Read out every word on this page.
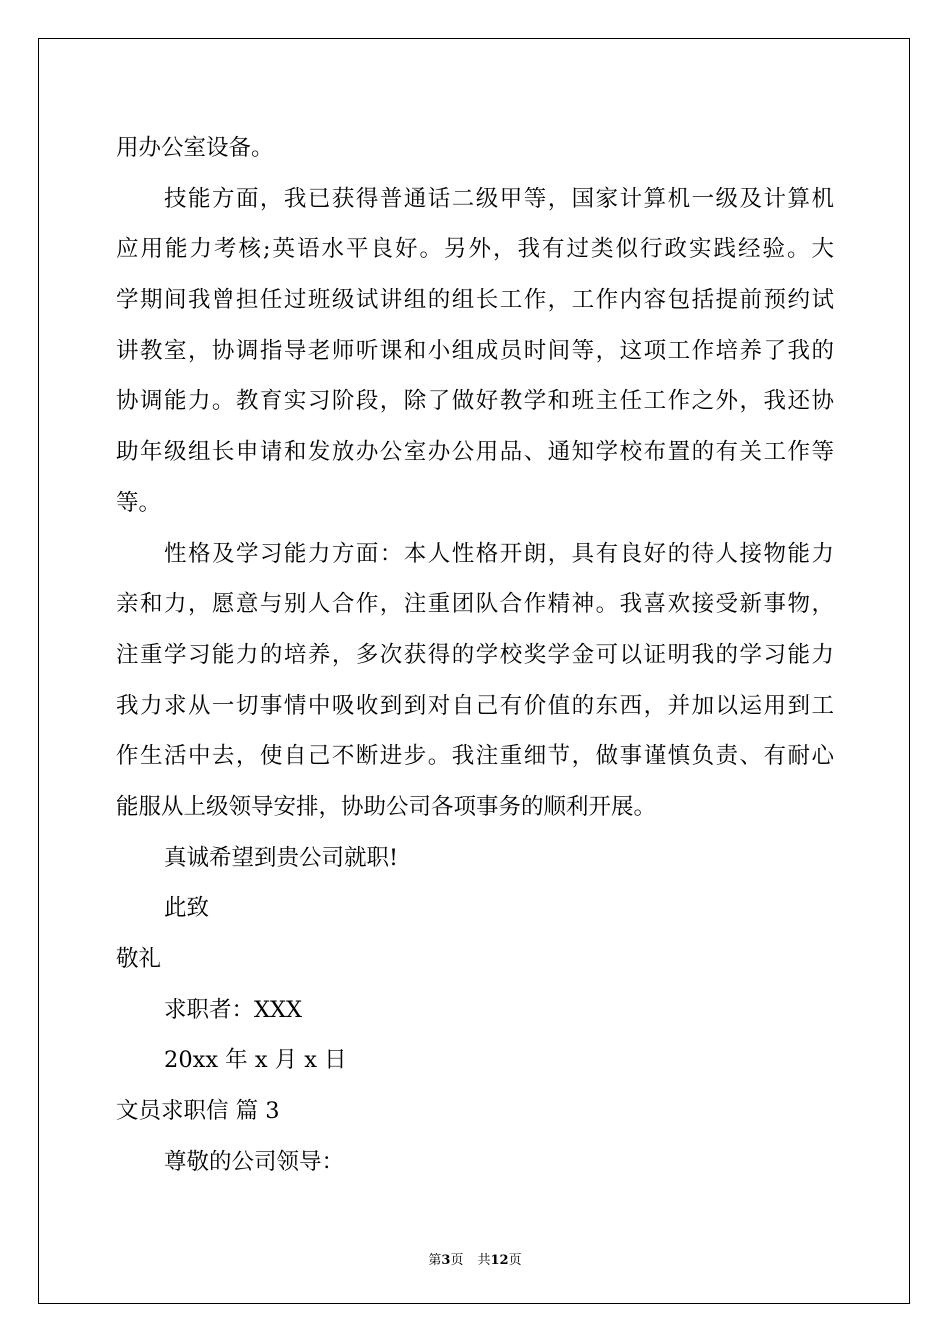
用办公室设备。
技能方面，我已获得普通话二级甲等，国家计算机一级及计算机
应用能力考核;英语水平良好。另外，我有过类似行政实践经验。大
学期间我曾担任过班级试讲组的组长工作，工作内容包括提前预约试
讲教室，协调指导老师听课和小组成员时间等，这项工作培养了我的
协调能力。教育实习阶段，除了做好教学和班主任工作之外，我还协
助年级组长申请和发放办公室办公用品、通知学校布置的有关工作等
等。
性格及学习能力方面：本人性格开朗，具有良好的待人接物能力
亲和力，愿意与别人合作，注重团队合作精神。我喜欢接受新事物，
注重学习能力的培养，多次获得的学校奖学金可以证明我的学习能力
我力求从一切事情中吸收到到对自己有价值的东西，并加以运用到工
作生活中去，使自己不断进步。我注重细节，做事谨慎负责、有耐心
能服从上级领导安排，协助公司各项事务的顺利开展。
真诚希望到贵公司就职!
此致
敬礼
求职者：XXX
20xx 年 x 月 x 日
文员求职信 篇 3
尊敬的公司领导：
第3页 共12页
